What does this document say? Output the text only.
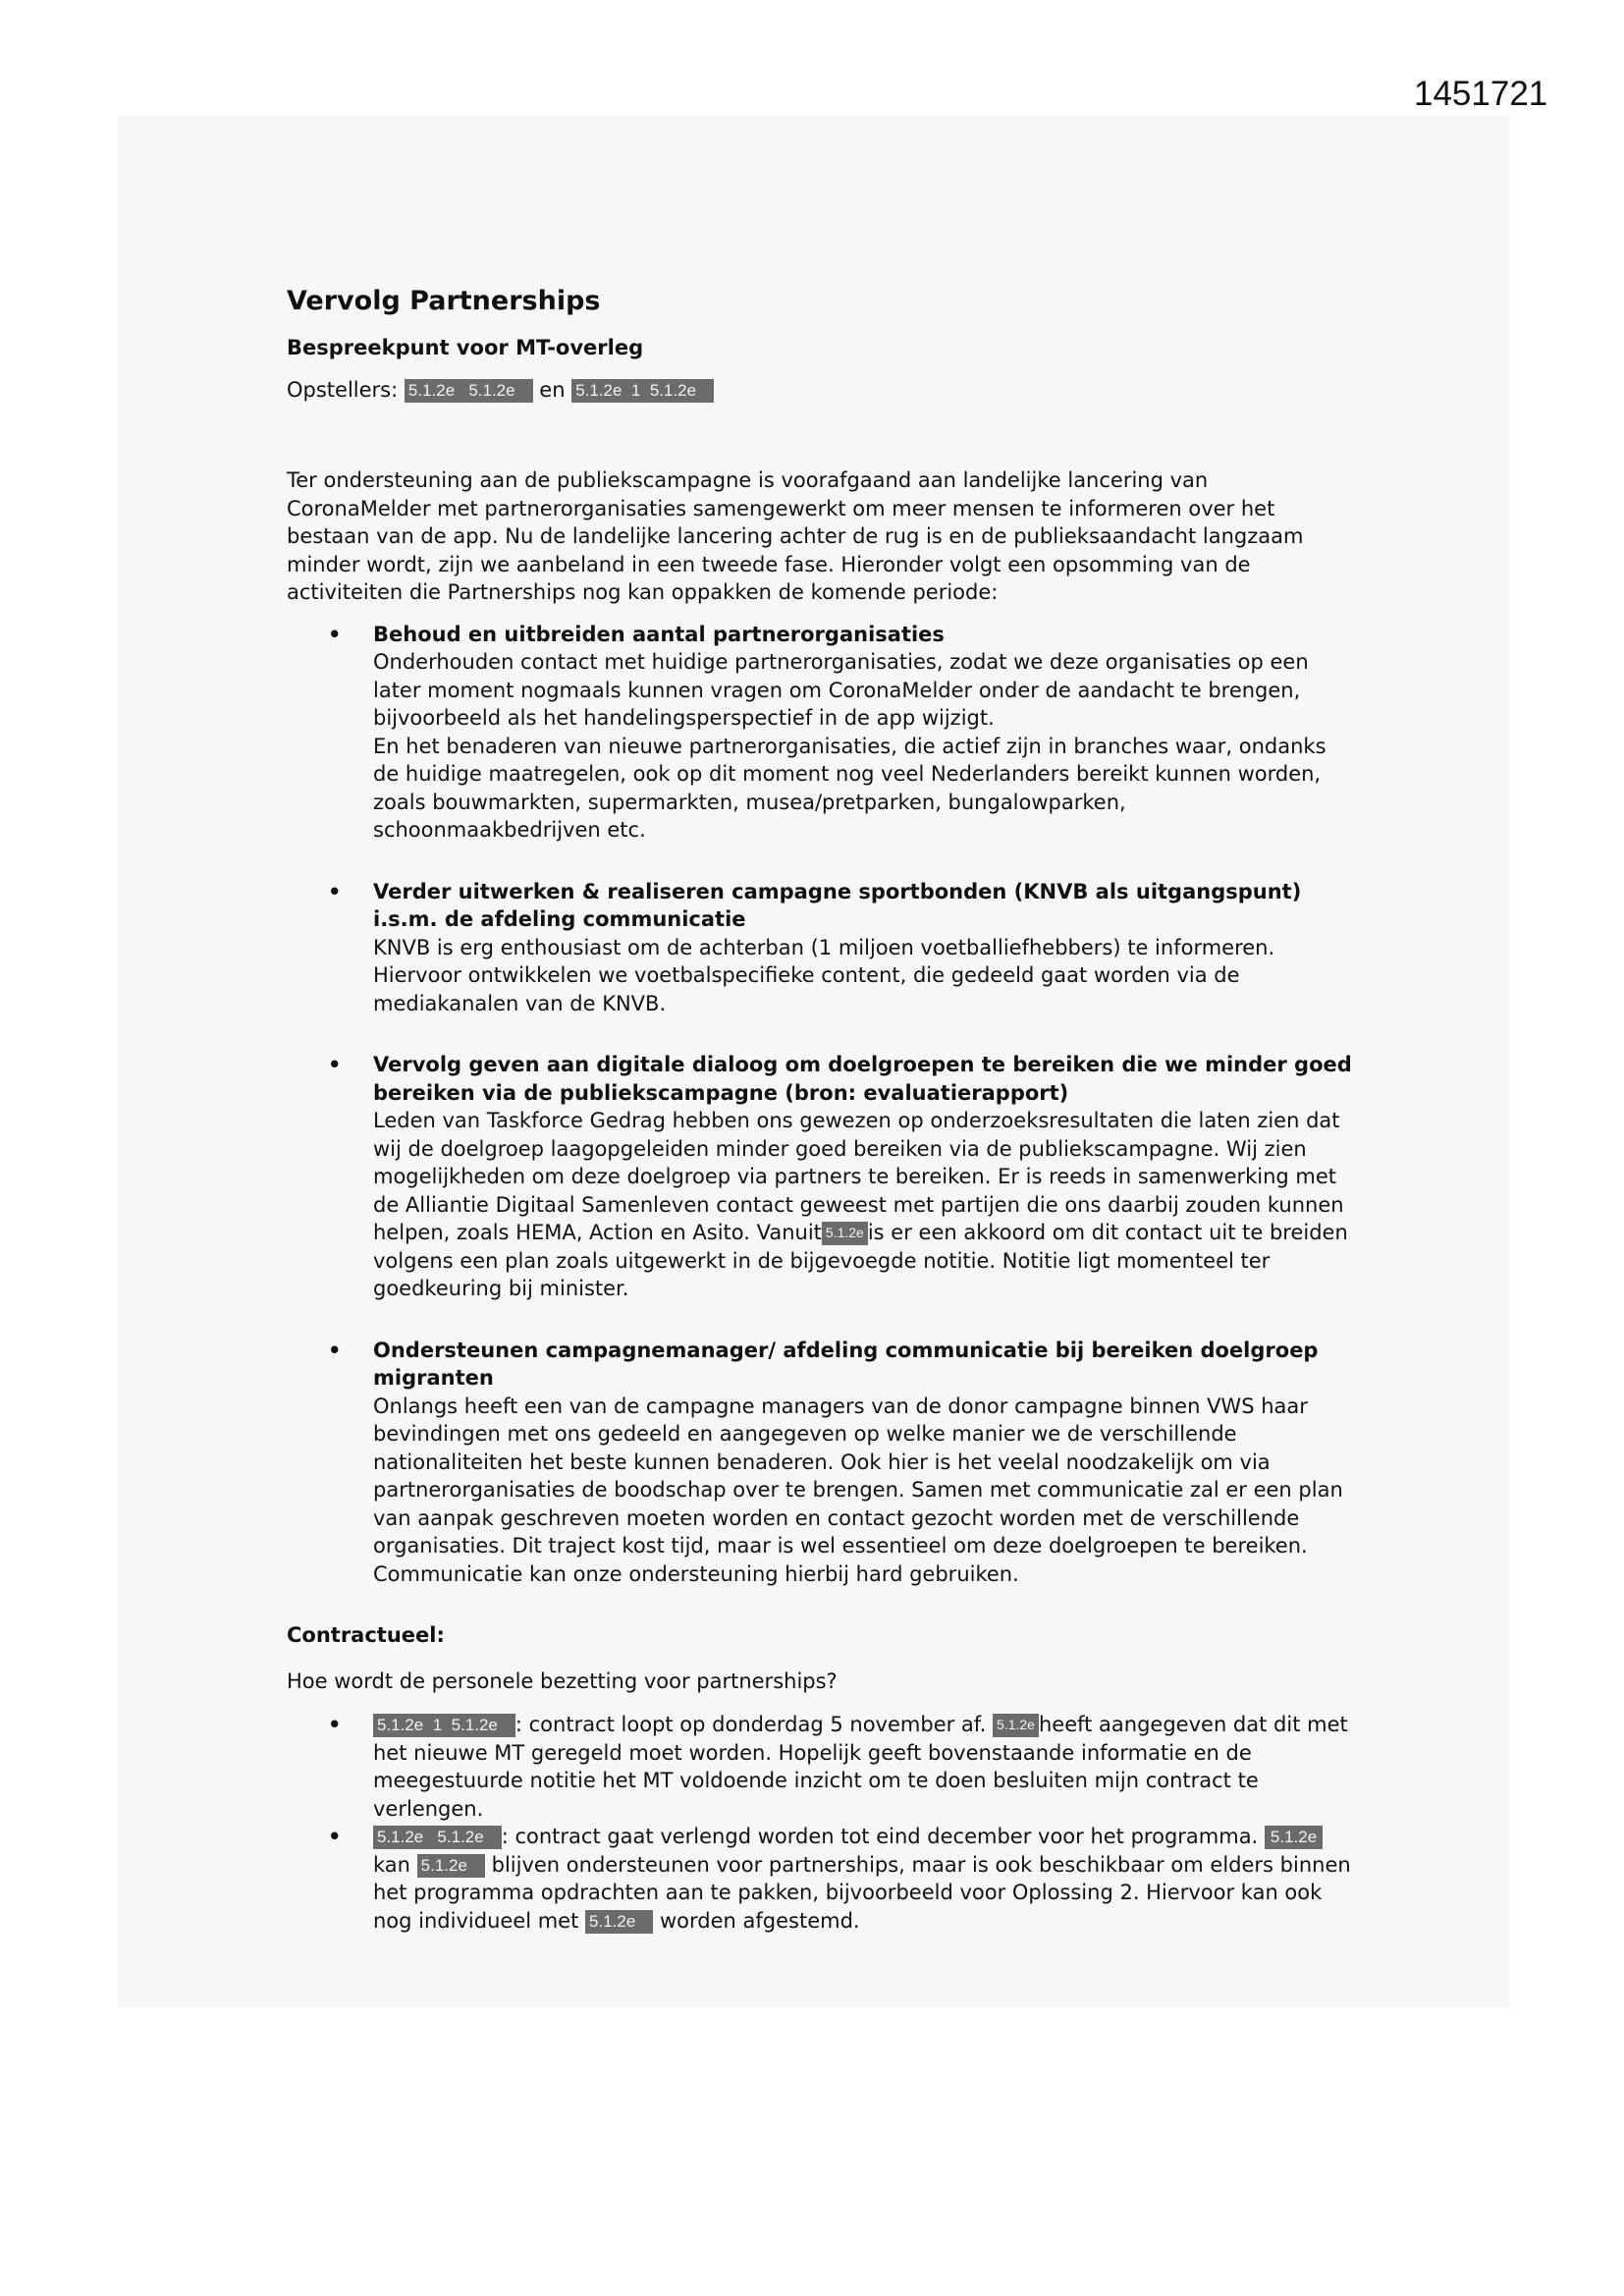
1451721
Vervolg Partnerships
Bespreekpunt voor MT-overleg
Opstellers: 5.1.2e   5.1.2e en 5.1.2e  1  5.1.2e
Ter ondersteuning aan de publiekscampagne is voorafgaand aan landelijke lancering van CoronaMelder met partnerorganisaties samengewerkt om meer mensen te informeren over het bestaan van de app. Nu de landelijke lancering achter de rug is en de publieksaandacht langzaam minder wordt, zijn we aanbeland in een tweede fase. Hieronder volgt een opsomming van de activiteiten die Partnerships nog kan oppakken de komende periode:
• Behoud en uitbreiden aantal partnerorganisaties
Onderhouden contact met huidige partnerorganisaties, zodat we deze organisaties op een later moment nogmaals kunnen vragen om CoronaMelder onder de aandacht te brengen, bijvoorbeeld als het handelingsperspectief in de app wijzigt.
En het benaderen van nieuwe partnerorganisaties, die actief zijn in branches waar, ondanks de huidige maatregelen, ook op dit moment nog veel Nederlanders bereikt kunnen worden, zoals bouwmarkten, supermarkten, musea/pretparken, bungalowparken, schoonmaakbedrijven etc.
• Verder uitwerken & realiseren campagne sportbonden (KNVB als uitgangspunt) i.s.m. de afdeling communicatie
KNVB is erg enthousiast om de achterban (1 miljoen voetballiefhebbers) te informeren. Hiervoor ontwikkelen we voetbalspecifieke content, die gedeeld gaat worden via de mediakanalen van de KNVB.
• Vervolg geven aan digitale dialoog om doelgroepen te bereiken die we minder goed bereiken via de publiekscampagne (bron: evaluatierapport)
Leden van Taskforce Gedrag hebben ons gewezen op onderzoeksresultaten die laten zien dat wij de doelgroep laagopgeleiden minder goed bereiken via de publiekscampagne. Wij zien mogelijkheden om deze doelgroep via partners te bereiken. Er is reeds in samenwerking met de Alliantie Digitaal Samenleven contact geweest met partijen die ons daarbij zouden kunnen helpen, zoals HEMA, Action en Asito. Vanuit 5.1.2e is er een akkoord om dit contact uit te breiden volgens een plan zoals uitgewerkt in de bijgevoegde notitie. Notitie ligt momenteel ter goedkeuring bij minister.
• Ondersteunen campagnemanager/ afdeling communicatie bij bereiken doelgroep migranten
Onlangs heeft een van de campagne managers van de donor campagne binnen VWS haar bevindingen met ons gedeeld en aangegeven op welke manier we de verschillende nationaliteiten het beste kunnen benaderen. Ook hier is het veelal noodzakelijk om via partnerorganisaties de boodschap over te brengen. Samen met communicatie zal er een plan van aanpak geschreven moeten worden en contact gezocht worden met de verschillende organisaties. Dit traject kost tijd, maar is wel essentieel om deze doelgroepen te bereiken. Communicatie kan onze ondersteuning hierbij hard gebruiken.
Contractueel:
Hoe wordt de personele bezetting voor partnerships?
• 5.1.2e  1  5.1.2e : contract loopt op donderdag 5 november af. 5.1.2e heeft aangegeven dat dit met het nieuwe MT geregeld moet worden. Hopelijk geeft bovenstaande informatie en de meegestuurde notitie het MT voldoende inzicht om te doen besluiten mijn contract te verlengen.
• 5.1.2e   5.1.2e : contract gaat verlengd worden tot eind december voor het programma. 5.1.2ekan 5.1.2e blijven ondersteunen voor partnerships, maar is ook beschikbaar om elders binnen het programma opdrachten aan te pakken, bijvoorbeeld voor Oplossing 2. Hiervoor kan ook nog individueel met 5.1.2e worden afgestemd.
